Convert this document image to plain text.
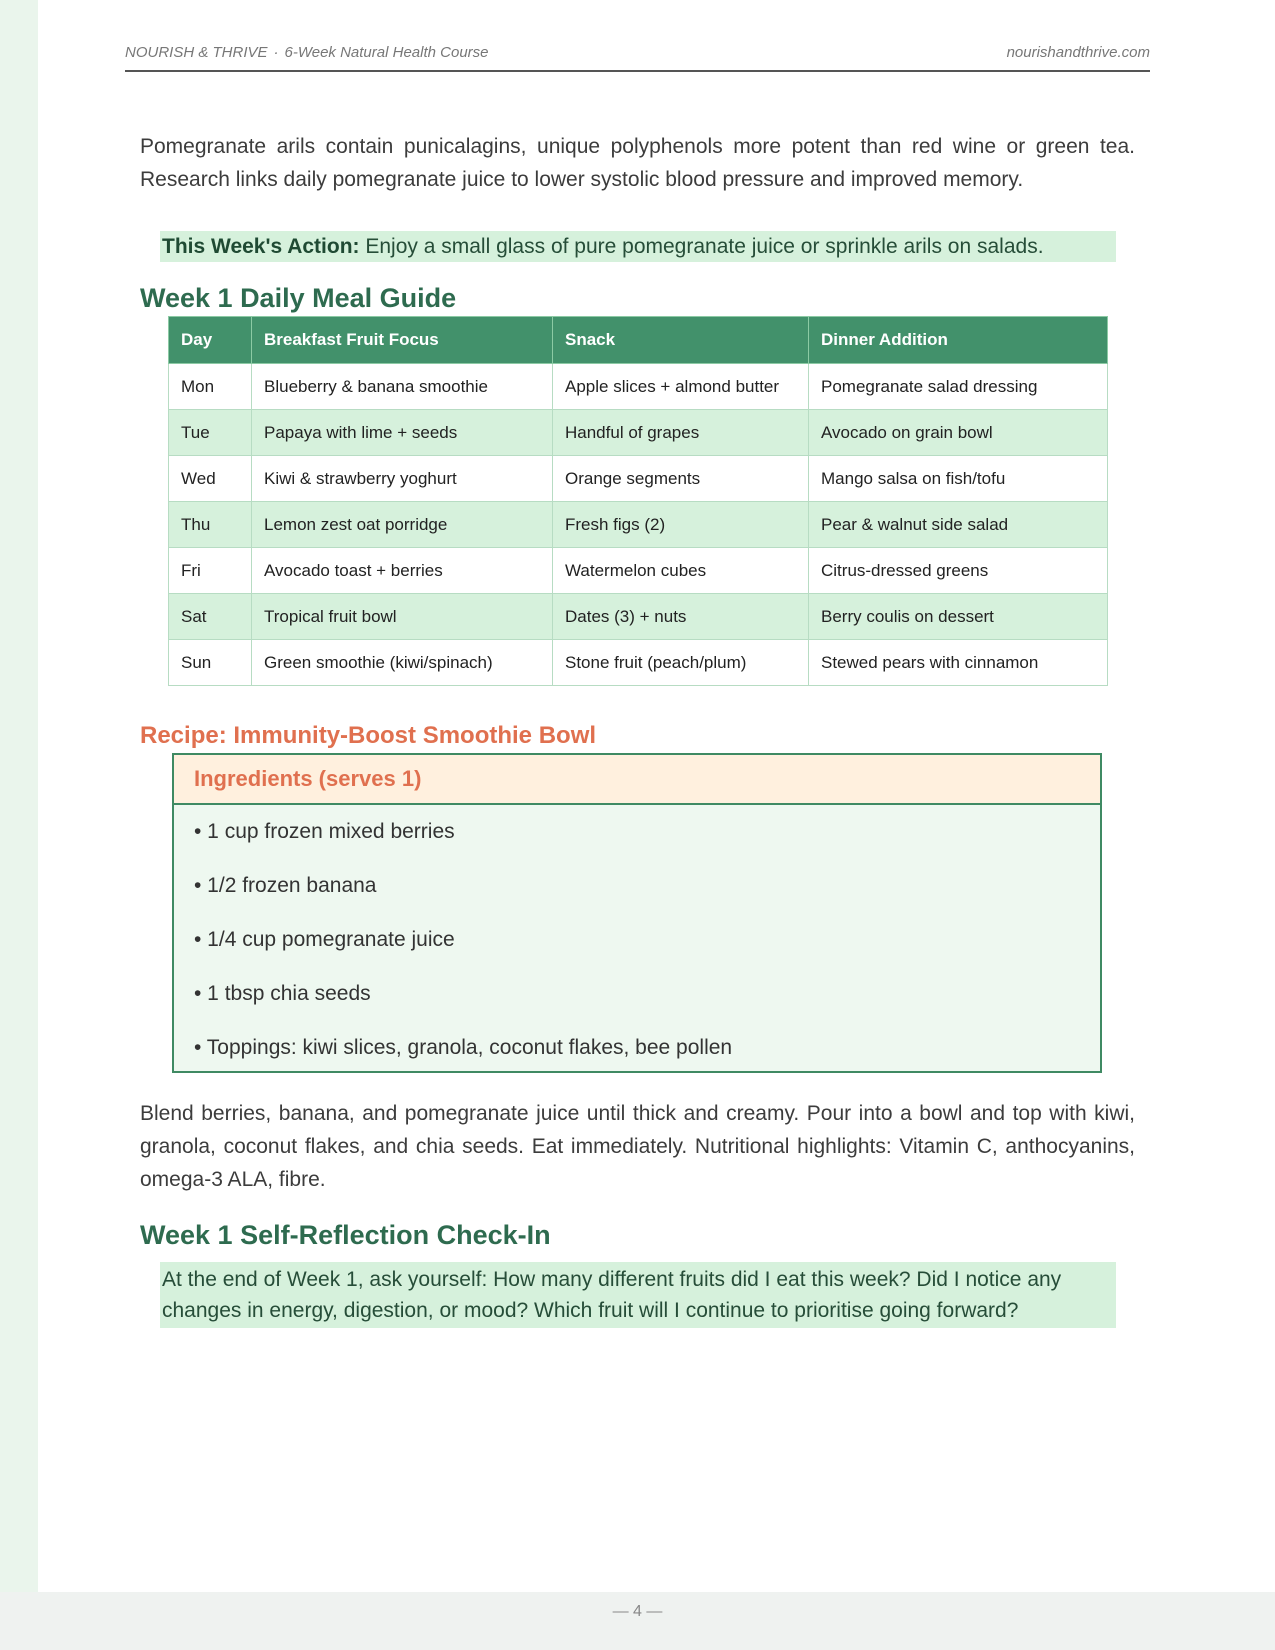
NOURISH & THRIVE · 6-Week Natural Health Course	nourishandthrive.com

Pomegranate arils contain punicalagins, unique polyphenols more potent than red wine or green tea. Research links daily pomegranate juice to lower systolic blood pressure and improved memory.

This Week's Action: Enjoy a small glass of pure pomegranate juice or sprinkle arils on salads.
Week 1 Daily Meal Guide
Day	Breakfast Fruit Focus	Snack	Dinner Addition
Mon	Blueberry & banana smoothie	Apple slices + almond butter	Pomegranate salad dressing
Tue	Papaya with lime + seeds	Handful of grapes	Avocado on grain bowl
Wed	Kiwi & strawberry yoghurt	Orange segments	Mango salsa on fish/tofu
Thu	Lemon zest oat porridge	Fresh figs (2)	Pear & walnut side salad
Fri	Avocado toast + berries	Watermelon cubes	Citrus-dressed greens
Sat	Tropical fruit bowl	Dates (3) + nuts	Berry coulis on dessert
Sun	Green smoothie (kiwi/spinach)	Stone fruit (peach/plum)	Stewed pears with cinnamon
Recipe: Immunity-Boost Smoothie Bowl
Ingredients (serves 1)
• 1 cup frozen mixed berries
• 1/2 frozen banana
• 1/4 cup pomegranate juice
• 1 tbsp chia seeds
• Toppings: kiwi slices, granola, coconut flakes, bee pollen

Blend berries, banana, and pomegranate juice until thick and creamy. Pour into a bowl and top with kiwi, granola, coconut flakes, and chia seeds. Eat immediately. Nutritional highlights: Vitamin C, anthocyanins, omega-3 ALA, fibre.

Week 1 Self-Reflection Check-In
At the end of Week 1, ask yourself: How many different fruits did I eat this week? Did I notice any changes in energy, digestion, or mood? Which fruit will I continue to prioritise going forward?
— 4 —
